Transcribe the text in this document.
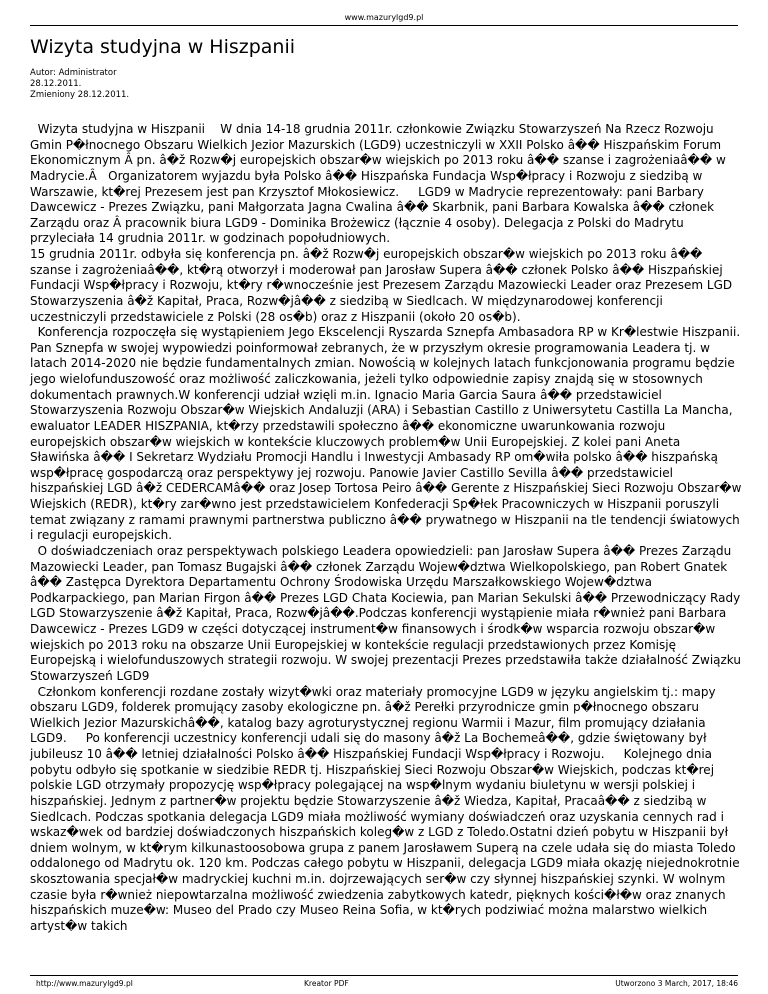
www.mazurylgd9.pl
Wizyta studyjna w Hiszpanii
Autor: Administrator
28.12.2011.
Zmieniony 28.12.2011.
Wizyta studyjna w Hiszpanii    W dnia 14-18 grudnia 2011r. członkowie Związku Stowarzyszeń Na Rzecz Rozwoju Gmin P�łnocnego Obszaru Wielkich Jezior Mazurskich (LGD9) uczestniczyli w XXII Polsko â�� Hiszpańskim Forum Ekonomicznym Â pn. â�ž Rozw�j europejskich obszar�w wiejskich po 2013 roku â�� szanse i zagrożeniaâ�� w Madrycie.Â   Organizatorem wyjazdu była Polsko â�� Hiszpańska Fundacja Wsp�łpracy i Rozwoju z siedzibą w Warszawie, kt�rej Prezesem jest pan Krzysztof Młokosiewicz.     LGD9 w Madrycie reprezentowały: pani Barbary Dawcewicz - Prezes Związku, pani Małgorzata Jagna Cwalina â�� Skarbnik, pani Barbara Kowalska â�� członek Zarządu oraz Â pracownik biura LGD9 - Dominika Brożewicz (łącznie 4 osoby). Delegacja z Polski do Madrytu przyleciała 14 grudnia 2011r. w godzinach popołudniowych.
15 grudnia 2011r. odbyła się konferencja pn. â�ž Rozw�j europejskich obszar�w wiejskich po 2013 roku â�� szanse i zagrożeniaâ��, kt�rą otworzył i moderował pan Jarosław Supera â�� członek Polsko â�� Hiszpańskiej Fundacji Wsp�łpracy i Rozwoju, kt�ry r�wnocześnie jest Prezesem Zarządu Mazowiecki Leader oraz Prezesem LGD Stowarzyszenia â�ž Kapitał, Praca, Rozw�jâ�� z siedzibą w Siedlcach. W międzynarodowej konferencji uczestniczyli przedstawiciele z Polski (28 os�b) oraz z Hiszpanii (około 20 os�b).
Konferencja rozpoczęła się wystąpieniem Jego Ekscelencji Ryszarda Sznepfa Ambasadora RP w Kr�lestwie Hiszpanii. Pan Sznepfa w swojej wypowiedzi poinformował zebranych, że w przyszłym okresie programowania Leadera tj. w latach 2014-2020 nie będzie fundamentalnych zmian. Nowością w kolejnych latach funkcjonowania programu będzie jego wielofunduszowość oraz możliwość zaliczkowania, jeżeli tylko odpowiednie zapisy znajdą się w stosownych dokumentach prawnych.W konferencji udział wzięli m.in. Ignacio Maria Garcia Saura â�� przedstawiciel Stowarzyszenia Rozwoju Obszar�w Wiejskich Andaluzji (ARA) i Sebastian Castillo z Uniwersytetu Castilla La Mancha, ewaluator LEADER HISZPANIA, kt�rzy przedstawili społeczno â�� ekonomiczne uwarunkowania rozwoju europejskich obszar�w wiejskich w kontekście kluczowych problem�w Unii Europejskiej. Z kolei pani Aneta Sławińska â�� I Sekretarz Wydziału Promocji Handlu i Inwestycji Ambasady RP om�wiła polsko â�� hiszpańską wsp�łpracę gospodarczą oraz perspektywy jej rozwoju. Panowie Javier Castillo Sevilla â�� przedstawiciel hiszpańskiej LGD â�ž CEDERCAMâ�� oraz Josep Tortosa Peiro â�� Gerente z Hiszpańskiej Sieci Rozwoju Obszar�w Wiejskich (REDR), kt�ry zar�wno jest przedstawicielem Konfederacji Sp�łek Pracowniczych w Hiszpanii poruszyli temat związany z ramami prawnymi partnerstwa publiczno â�� prywatnego w Hiszpanii na tle tendencji światowych i regulacji europejskich.
O doświadczeniach oraz perspektywach polskiego Leadera opowiedzieli: pan Jarosław Supera â�� Prezes Zarządu Mazowiecki Leader, pan Tomasz Bugajski â�� członek Zarządu Wojew�dztwa Wielkopolskiego, pan Robert Gnatek â�� Zastępca Dyrektora Departamentu Ochrony Środowiska Urzędu Marszałkowskiego Wojew�dztwa Podkarpackiego, pan Marian Firgon â�� Prezes LGD Chata Kociewia, pan Marian Sekulski â�� Przewodniczący Rady LGD Stowarzyszenie â�ž Kapitał, Praca, Rozw�jâ��.Podczas konferencji wystąpienie miała r�wnież pani Barbara Dawcewicz - Prezes LGD9 w części dotyczącej instrument�w finansowych i środk�w wsparcia rozwoju obszar�w wiejskich po 2013 roku na obszarze Unii Europejskiej w kontekście regulacji przedstawionych przez Komisję Europejską i wielofunduszowych strategii rozwoju. W swojej prezentacji Prezes przedstawiła także działalność Związku Stowarzyszeń LGD9
Członkom konferencji rozdane zostały wizyt�wki oraz materiały promocyjne LGD9 w języku angielskim tj.: mapy obszaru LGD9, folderek promujący zasoby ekologiczne pn. â�ž Perełki przyrodnicze gmin p�łnocnego obszaru Wielkich Jezior Mazurskichâ��, katalog bazy agroturystycznej regionu Warmii i Mazur, film promujący działania LGD9.     Po konferencji uczestnicy konferencji udali się do masony â�ž La Bochemeâ��, gdzie świętowany był jubileusz 10 â�� letniej działalności Polsko â�� Hiszpańskiej Fundacji Wsp�łpracy i Rozwoju.     Kolejnego dnia pobytu odbyło się spotkanie w siedzibie REDR tj. Hiszpańskiej Sieci Rozwoju Obszar�w Wiejskich, podczas kt�rej polskie LGD otrzymały propozycję wsp�łpracy polegającej na wsp�lnym wydaniu biuletynu w wersji polskiej i hiszpańskiej. Jednym z partner�w projektu będzie Stowarzyszenie â�ž Wiedza, Kapitał, Pracaâ�� z siedzibą w Siedlcach. Podczas spotkania delegacja LGD9 miała możliwość wymiany doświadczeń oraz uzyskania cennych rad i wskaz�wek od bardziej doświadczonych hiszpańskich koleg�w z LGD z Toledo.Ostatni dzień pobytu w Hiszpanii był dniem wolnym, w kt�rym kilkunastoosobowa grupa z panem Jarosławem Superą na czele udała się do miasta Toledo oddalonego od Madrytu ok. 120 km. Podczas całego pobytu w Hiszpanii, delegacja LGD9 miała okazję niejednokrotnie skosztowania specjał�w madryckiej kuchni m.in. dojrzewających ser�w czy słynnej hiszpańskiej szynki. W wolnym czasie była r�wnież niepowtarzalna możliwość zwiedzenia zabytkowych katedr, pięknych kości�ł�w oraz znanych hiszpańskich muze�w: Museo del Prado czy Museo Reina Sofia, w kt�rych podziwiać można malarstwo wielkich artyst�w takich
http://www.mazurylgd9.pl	Kreator PDF	Utworzono 3 March, 2017, 18:46
